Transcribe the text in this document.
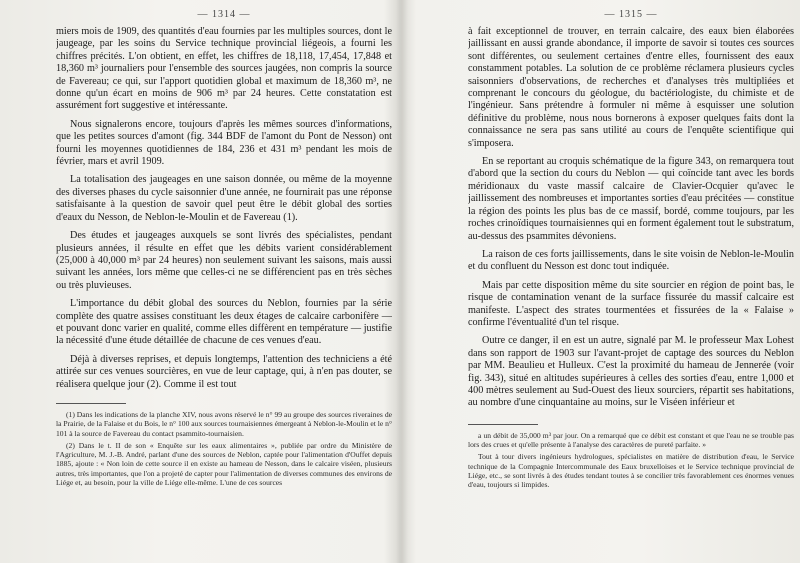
— 1314 —

miers mois de 1909, des quantités d'eau fournies par les multiples sources, dont le jaugeage, par les soins du Service technique provincial liégeois, a fourni les chiffres précités. L'on obtient, en effet, les chiffres de 18,118, 17,454, 17,848 et 18,360 m³ journaliers pour l'ensemble des sources jaugées, non compris la source de Favereau; ce qui, sur l'apport quotidien global et maximum de 18,360 m³, ne donne qu'un écart en moins de 906 m³ par 24 heures. Cette constatation est assurément fort suggestive et intéressante.

Nous signalerons encore, toujours d'après les mêmes sources d'informations, que les petites sources d'amont (fig. 344 BDF de l'amont du Pont de Nesson) ont fourni les moyennes quotidiennes de 184, 236 et 431 m³ pendant les mois de février, mars et avril 1909.

La totalisation des jaugeages en une saison donnée, ou même de la moyenne des diverses phases du cycle saisonnier d'une année, ne fournirait pas une réponse satisfaisante à la question de savoir quel peut être le débit global des sorties d'eaux du Nesson, de Neblon-le-Moulin et de Favereau (1).

Des études et jaugeages auxquels se sont livrés des spécialistes, pendant plusieurs années, il résulte en effet que les débits varient considérablement (25,000 à 40,000 m³ par 24 heures) non seulement suivant les saisons, mais aussi suivant les années, lors même que celles-ci ne se différencient pas en très sèches ou très pluvieuses.

L'importance du débit global des sources du Neblon, fournies par la série complète des quatre assises constituant les deux étages de calcaire carbonifère — et pouvant donc varier en qualité, comme elles diffèrent en température — justifie la nécessité d'une étude détaillée de chacune de ces venues d'eau.

Déjà à diverses reprises, et depuis longtemps, l'attention des techniciens a été attirée sur ces venues sourcières, en vue de leur captage, qui, à n'en pas douter, se réalisera quelque jour (2). Comme il est tout

(1) Dans les indications de la planche XIV, nous avons réservé le n° 99 au groupe des sources riveraines de la Prairie, de la Falaise et du Bois, le n° 100 aux sources tournaisiennes émergeant à Neblon-le-Moulin et le n° 101 à la source de Favereau du contact psammito-tournaisien.

(2) Dans le t. II de son « Enquête sur les eaux alimentaires », publiée par ordre du Ministère de l'Agriculture, M. J.-B. André, parlant d'une des sources de Neblon, captée pour l'alimentation d'Ouffet depuis 1885, ajoute : « Non loin de cette source il en existe au hameau de Nesson, dans le calcaire viséen, plusieurs autres, très importantes, que l'on a projeté de capter pour l'alimentation de diverses communes des environs de Liége et, au besoin, pour la ville de Liége elle-même. L'une de ces sources

— 1315 —

à fait exceptionnel de trouver, en terrain calcaire, des eaux bien élaborées jaillissant en aussi grande abondance, il importe de savoir si toutes ces sources sont différentes, ou seulement certaines d'entre elles, fournissent des eaux constamment potables. La solution de ce problème réclamera plusieurs cycles saisonniers d'observations, de recherches et d'analyses très multipliées et comprenant le concours du géologue, du bactériologiste, du chimiste et de l'ingénieur. Sans prétendre à formuler ni même à esquisser une solution définitive du problème, nous nous bornerons à exposer quelques faits dont la connaissance ne sera pas sans utilité au cours de l'enquête scientifique qui s'imposera.

En se reportant au croquis schématique de la figure 343, on remarquera tout d'abord que la section du cours du Neblon — qui coïncide tant avec les bords méridionaux du vaste massif calcaire de Clavier-Ocquier qu'avec le jaillissement des nombreuses et importantes sorties d'eau précitées — constitue la région des points les plus bas de ce massif, bordé, comme toujours, par les roches crinoïdiques tournaisiennes qui en forment également tout le substratum, au-dessus des psammites dévoniens.

La raison de ces forts jaillissements, dans le site voisin de Neblon-le-Moulin et du confluent du Nesson est donc tout indiquée.

Mais par cette disposition même du site sourcier en région de point bas, le risque de contamination venant de la surface fissurée du massif calcaire est manifeste. L'aspect des strates tourmentées et fissurées de la « Falaise » confirme l'éventualité d'un tel risque.

Outre ce danger, il en est un autre, signalé par M. le professeur Max Lohest dans son rapport de 1903 sur l'avant-projet de captage des sources du Neblon par MM. Beaulieu et Hulleux. C'est la proximité du hameau de Jennerée (voir fig. 343), situé en altitudes supérieures à celles des sorties d'eau, entre 1,000 et 400 mètres seulement au Sud-Ouest des lieux sourciers, répartit ses habitations, au nombre d'une cinquantaine au moins, sur le Viséen inférieur et

a un débit de 35,000 m³ par jour. On a remarqué que ce débit est constant et que l'eau ne se trouble pas lors des crues et qu'elle présente à l'analyse des caractères de pureté parfaite. »

Tout à tour divers ingénieurs hydrologues, spécialistes en matière de distribution d'eau, le Service technique de la Compagnie Intercommunale des Eaux bruxelloises et le Service technique provincial de Liége, etc., se sont livrés à des études tendant toutes à se concilier très favorablement ces énormes venues d'eau, toujours si limpides.
